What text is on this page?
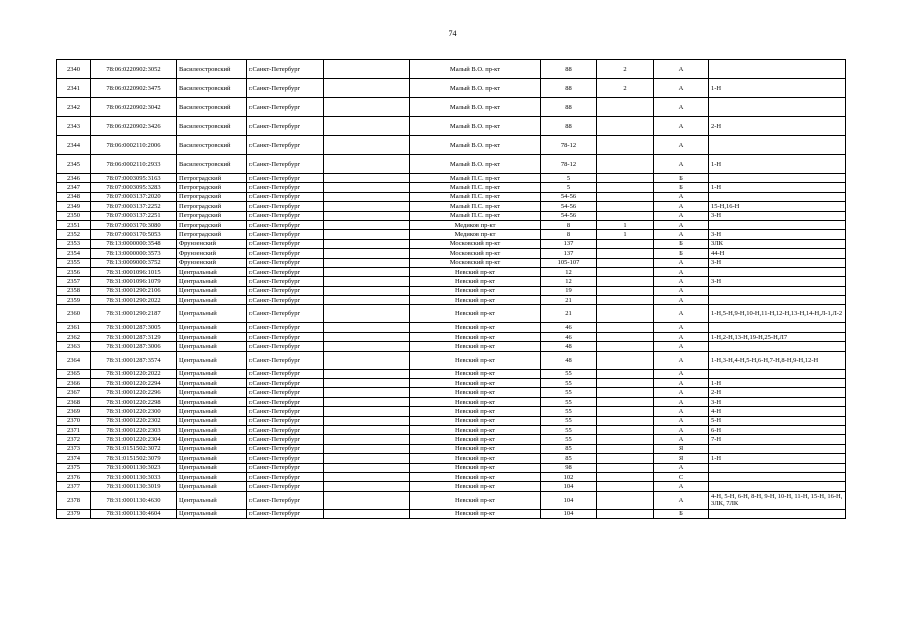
74
2340	78:06:0220902:3052	Василеостровский	г.Санкт-Петербург		Малый В.О. пр-кт	88	2	А	
2341	78:06:0220902:3475	Василеостровский	г.Санкт-Петербург		Малый В.О. пр-кт	88	2	А	1-Н
2342	78:06:0220902:3042	Василеостровский	г.Санкт-Петербург		Малый В.О. пр-кт	88		А	
2343	78:06:0220902:3426	Василеостровский	г.Санкт-Петербург		Малый В.О. пр-кт	88		А	2-Н
2344	78:06:0002110:2006	Василеостровский	г.Санкт-Петербург		Малый В.О. пр-кт	78-12		А	
2345	78:06:0002110:2933	Василеостровский	г.Санкт-Петербург		Малый В.О. пр-кт	78-12		А	1-Н
2346	78:07:0003095:3163	Петроградский	г.Санкт-Петербург		Малый П.С. пр-кт	5		Б	
2347	78:07:0003095:3283	Петроградский	г.Санкт-Петербург		Малый П.С. пр-кт	5		Б	1-Н
2348	78:07:0003137:2020	Петроградский	г.Санкт-Петербург		Малый П.С. пр-кт	54-56		А	
2349	78:07:0003137:2252	Петроградский	г.Санкт-Петербург		Малый П.С. пр-кт	54-56		А	15-Н,16-Н
2350	78:07:0003137:2251	Петроградский	г.Санкт-Петербург		Малый П.С. пр-кт	54-56		А	3-Н
2351	78:07:0003170:3080	Петроградский	г.Санкт-Петербург		Медиков пр-кт	8	1	А	
2352	78:07:0003170:5053	Петроградский	г.Санкт-Петербург		Медиков пр-кт	8	1	А	3-Н
2353	78:13:0000000:3548	Фрунзенский	г.Санкт-Петербург		Московский пр-кт	137		Б	3ЛК
2354	78:13:0000000:3573	Фрунзенский	г.Санкт-Петербург		Московский пр-кт	137		Б	44-Н
2355	78:13:0009000:3752	Фрунзенский	г.Санкт-Петербург		Московский пр-кт	105-107		А	3-Н
2356	78:31:0001096:1015	Центральный	г.Санкт-Петербург		Невский пр-кт	12		А	
2357	78:31:0001096:1079	Центральный	г.Санкт-Петербург		Невский пр-кт	12		А	3-Н
2358	78:31:0001290:2106	Центральный	г.Санкт-Петербург		Невский пр-кт	19		А	
2359	78:31:0001290:2022	Центральный	г.Санкт-Петербург		Невский пр-кт	21		А	
2360	78:31:0001290:2187	Центральный	г.Санкт-Петербург		Невский пр-кт	21		А	1-Н,5-Н,9-Н,10-Н,11-Н,12-Н,13-Н,14-Н,Л-1,Л-2
2361	78:31:0001287:3005	Центральный	г.Санкт-Петербург		Невский пр-кт	46		А	
2362	78:31:0001287:3129	Центральный	г.Санкт-Петербург		Невский пр-кт	46		А	1-Н,2-Н,13-Н,19-Н,25-Н,Л7
2363	78:31:0001287:3006	Центральный	г.Санкт-Петербург		Невский пр-кт	48		А	
2364	78:31:0001287:3574	Центральный	г.Санкт-Петербург		Невский пр-кт	48		А	1-Н,3-Н,4-Н,5-Н,6-Н,7-Н,8-Н,9-Н,12-Н
2365	78:31:0001220:2022	Центральный	г.Санкт-Петербург		Невский пр-кт	55		А	
2366	78:31:0001220:2294	Центральный	г.Санкт-Петербург		Невский пр-кт	55		А	1-Н
2367	78:31:0001220:2296	Центральный	г.Санкт-Петербург		Невский пр-кт	55		А	2-Н
2368	78:31:0001220:2298	Центральный	г.Санкт-Петербург		Невский пр-кт	55		А	3-Н
2369	78:31:0001220:2300	Центральный	г.Санкт-Петербург		Невский пр-кт	55		А	4-Н
2370	78:31:0001220:2302	Центральный	г.Санкт-Петербург		Невский пр-кт	55		А	5-Н
2371	78:31:0001220:2303	Центральный	г.Санкт-Петербург		Невский пр-кт	55		А	6-Н
2372	78:31:0001220:2304	Центральный	г.Санкт-Петербург		Невский пр-кт	55		А	7-Н
2373	78:31:0151502:3072	Центральный	г.Санкт-Петербург		Невский пр-кт	85		Я	
2374	78:31:0151502:3079	Центральный	г.Санкт-Петербург		Невский пр-кт	85		Я	1-Н
2375	78:31:0001130:3023	Центральный	г.Санкт-Петербург		Невский пр-кт	98		А	
2376	78:31:0001130:3033	Центральный	г.Санкт-Петербург		Невский пр-кт	102		С	
2377	78:31:0001130:3019	Центральный	г.Санкт-Петербург		Невский пр-кт	104		А	
2378	78:31:0001130:4630	Центральный	г.Санкт-Петербург		Невский пр-кт	104		А	4-Н, 5-Н, 6-Н, 8-Н, 9-Н, 10-Н, 11-Н, 15-Н, 16-Н, 3ЛК, 7ЛК
2379	78:31:0001130:4604	Центральный	г.Санкт-Петербург		Невский пр-кт	104		Б	
